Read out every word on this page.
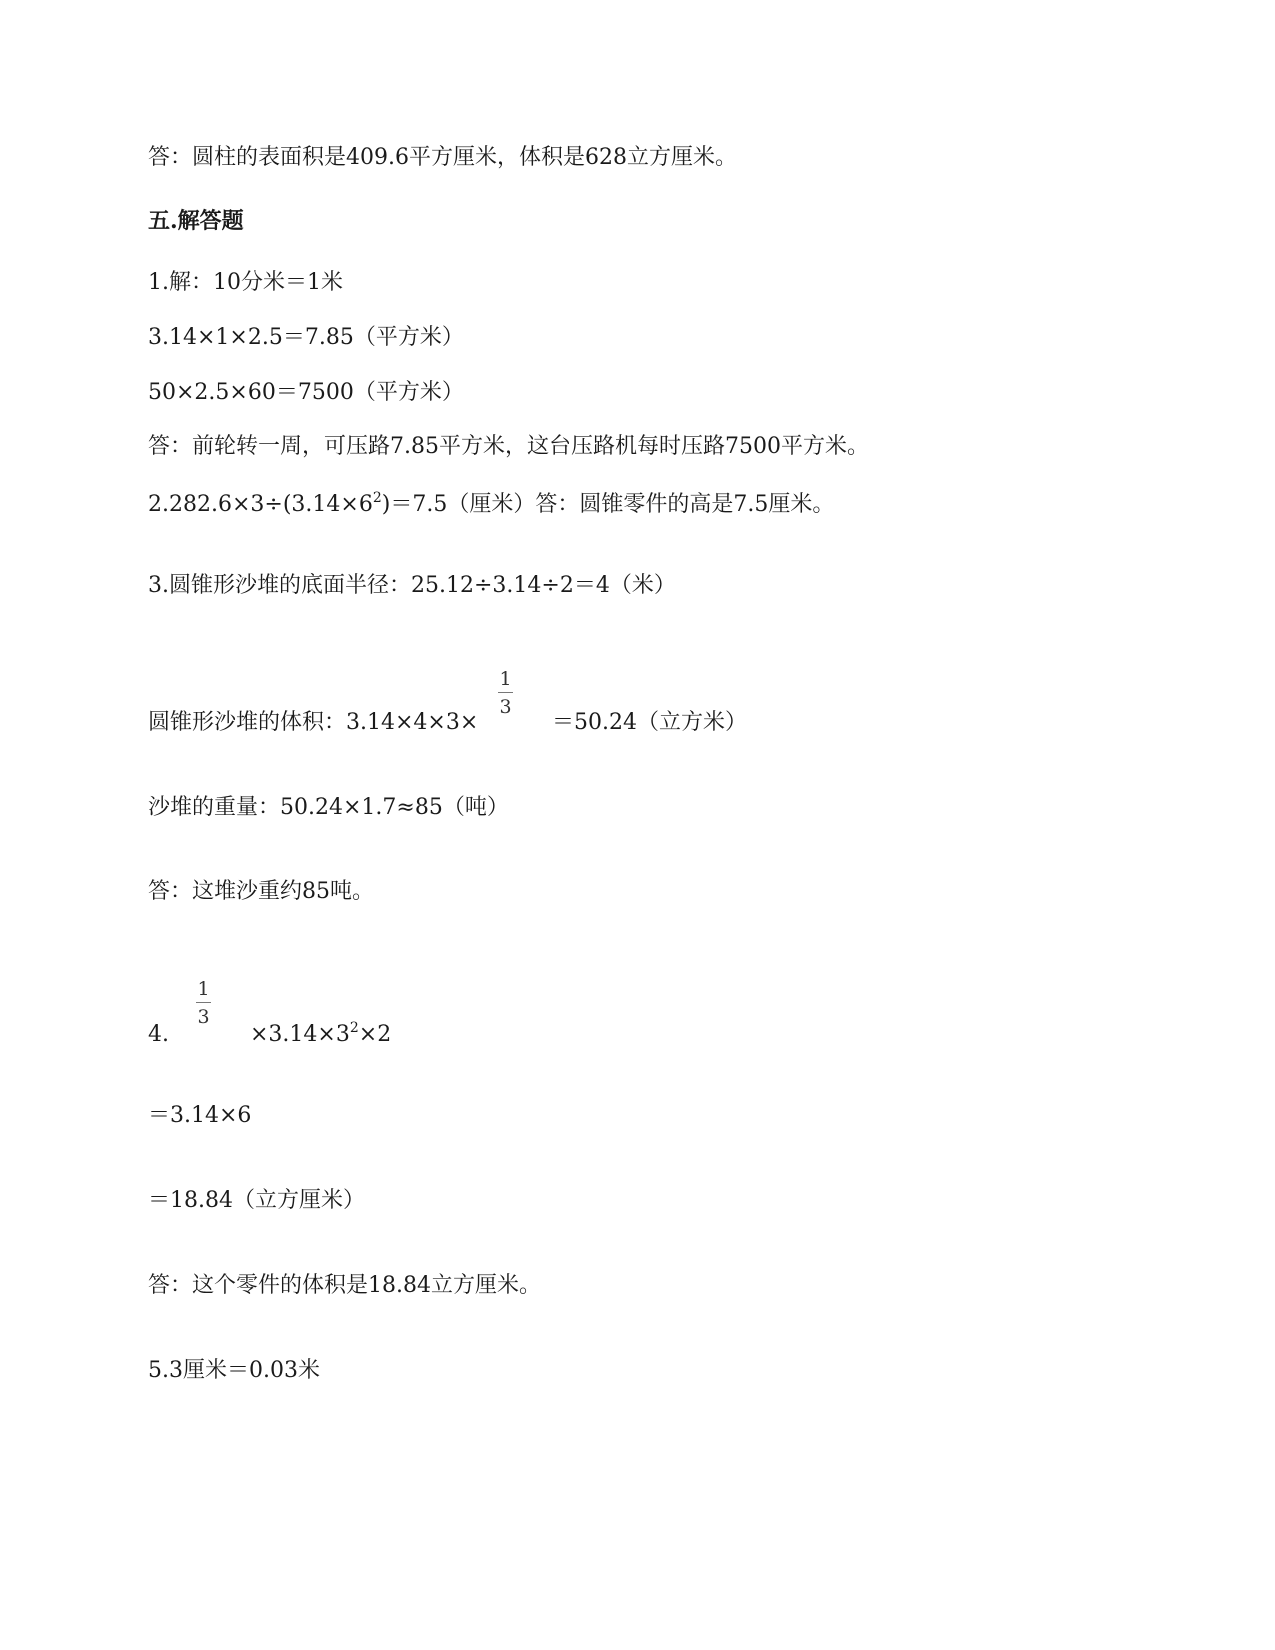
答：圆柱的表面积是409.6平方厘米，体积是628立方厘米。
五.解答题
1.解：10分米＝1米
3.14×1×2.5＝7.85（平方米）
50×2.5×60＝7500（平方米）
答：前轮转一周，可压路7.85平方米，这台压路机每时压路7500平方米。
$2.282.6\times 3\div(3.14\times 6^2)=7.5$（厘米）答：圆锥零件的高是7.5厘米。
3.圆锥形沙堆的底面半径：25.12÷3.14÷2＝4（米）
圆锥形沙堆的体积：3.14×4×3×
1
3
＝50.24（立方米）
沙堆的重量：50.24×1.7≈85（吨）
答：这堆沙重约85吨。
4.
1
3
$\times 3.14\times 3^2\times 2$
＝3.14×6
＝18.84（立方厘米）
答：这个零件的体积是18.84立方厘米。
5.3厘米＝0.03米
